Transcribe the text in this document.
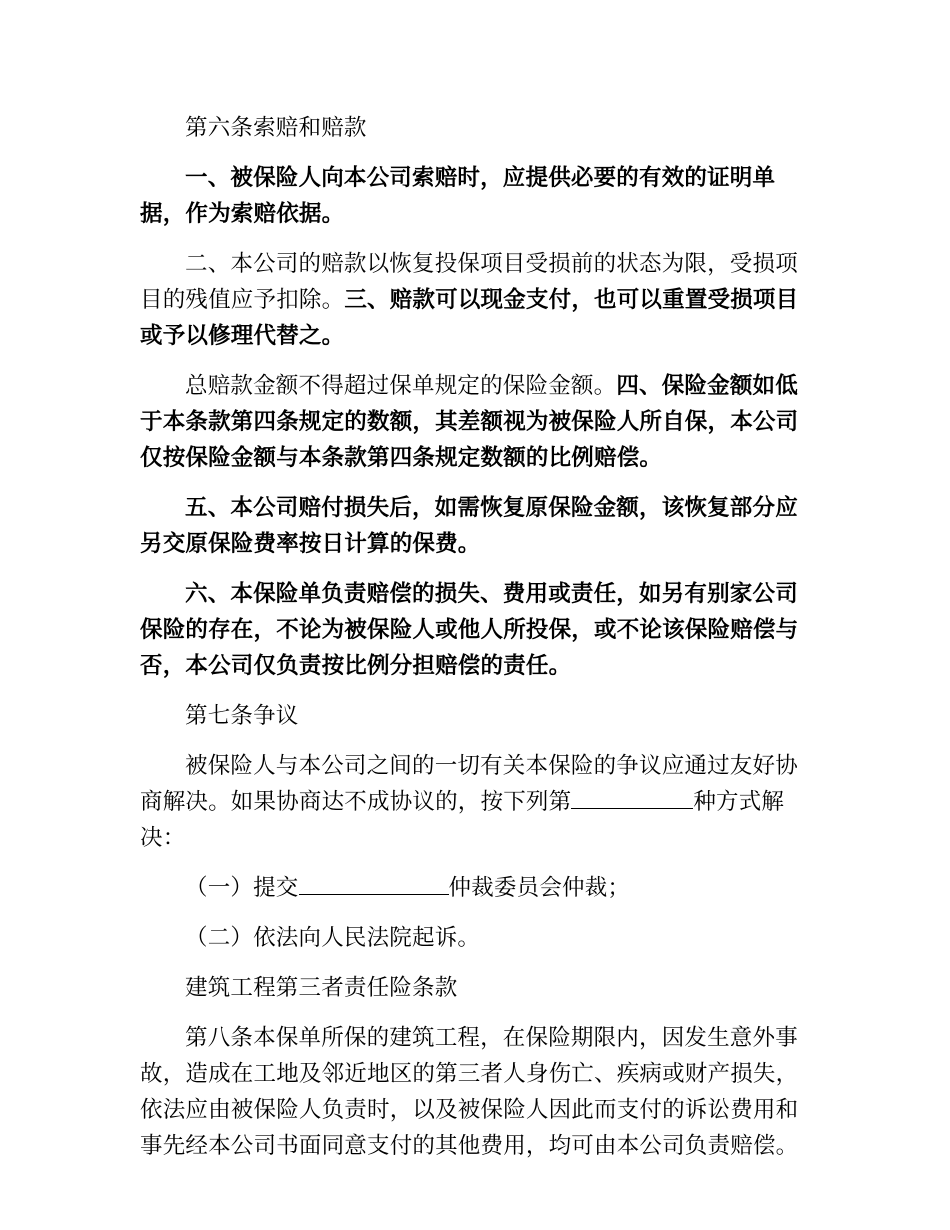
第六条索赔和赔款

一、被保险人向本公司索赔时，应提供必要的有效的证明单据，作为索赔依据。

二、本公司的赔款以恢复投保项目受损前的状态为限，受损项目的残值应予扣除。三、赔款可以现金支付，也可以重置受损项目或予以修理代替之。

总赔款金额不得超过保单规定的保险金额。四、保险金额如低于本条款第四条规定的数额，其差额视为被保险人所自保，本公司仅按保险金额与本条款第四条规定数额的比例赔偿。

五、本公司赔付损失后，如需恢复原保险金额，该恢复部分应另交原保险费率按日计算的保费。

六、本保险单负责赔偿的损失、费用或责任，如另有别家公司保险的存在，不论为被保险人或他人所投保，或不论该保险赔偿与否，本公司仅负责按比例分担赔偿的责任。

第七条争议

被保险人与本公司之间的一切有关本保险的争议应通过友好协商解决。如果协商达不成协议的，按下列第	种方式解决：

（一）提交	仲裁委员会仲裁；

（二）依法向人民法院起诉。

建筑工程第三者责任险条款

第八条本保单所保的建筑工程，在保险期限内，因发生意外事故，造成在工地及邻近地区的第三者人身伤亡、疾病或财产损失，依法应由被保险人负责时，以及被保险人因此而支付的诉讼费用和事先经本公司书面同意支付的其他费用，均可由本公司负责赔偿。
